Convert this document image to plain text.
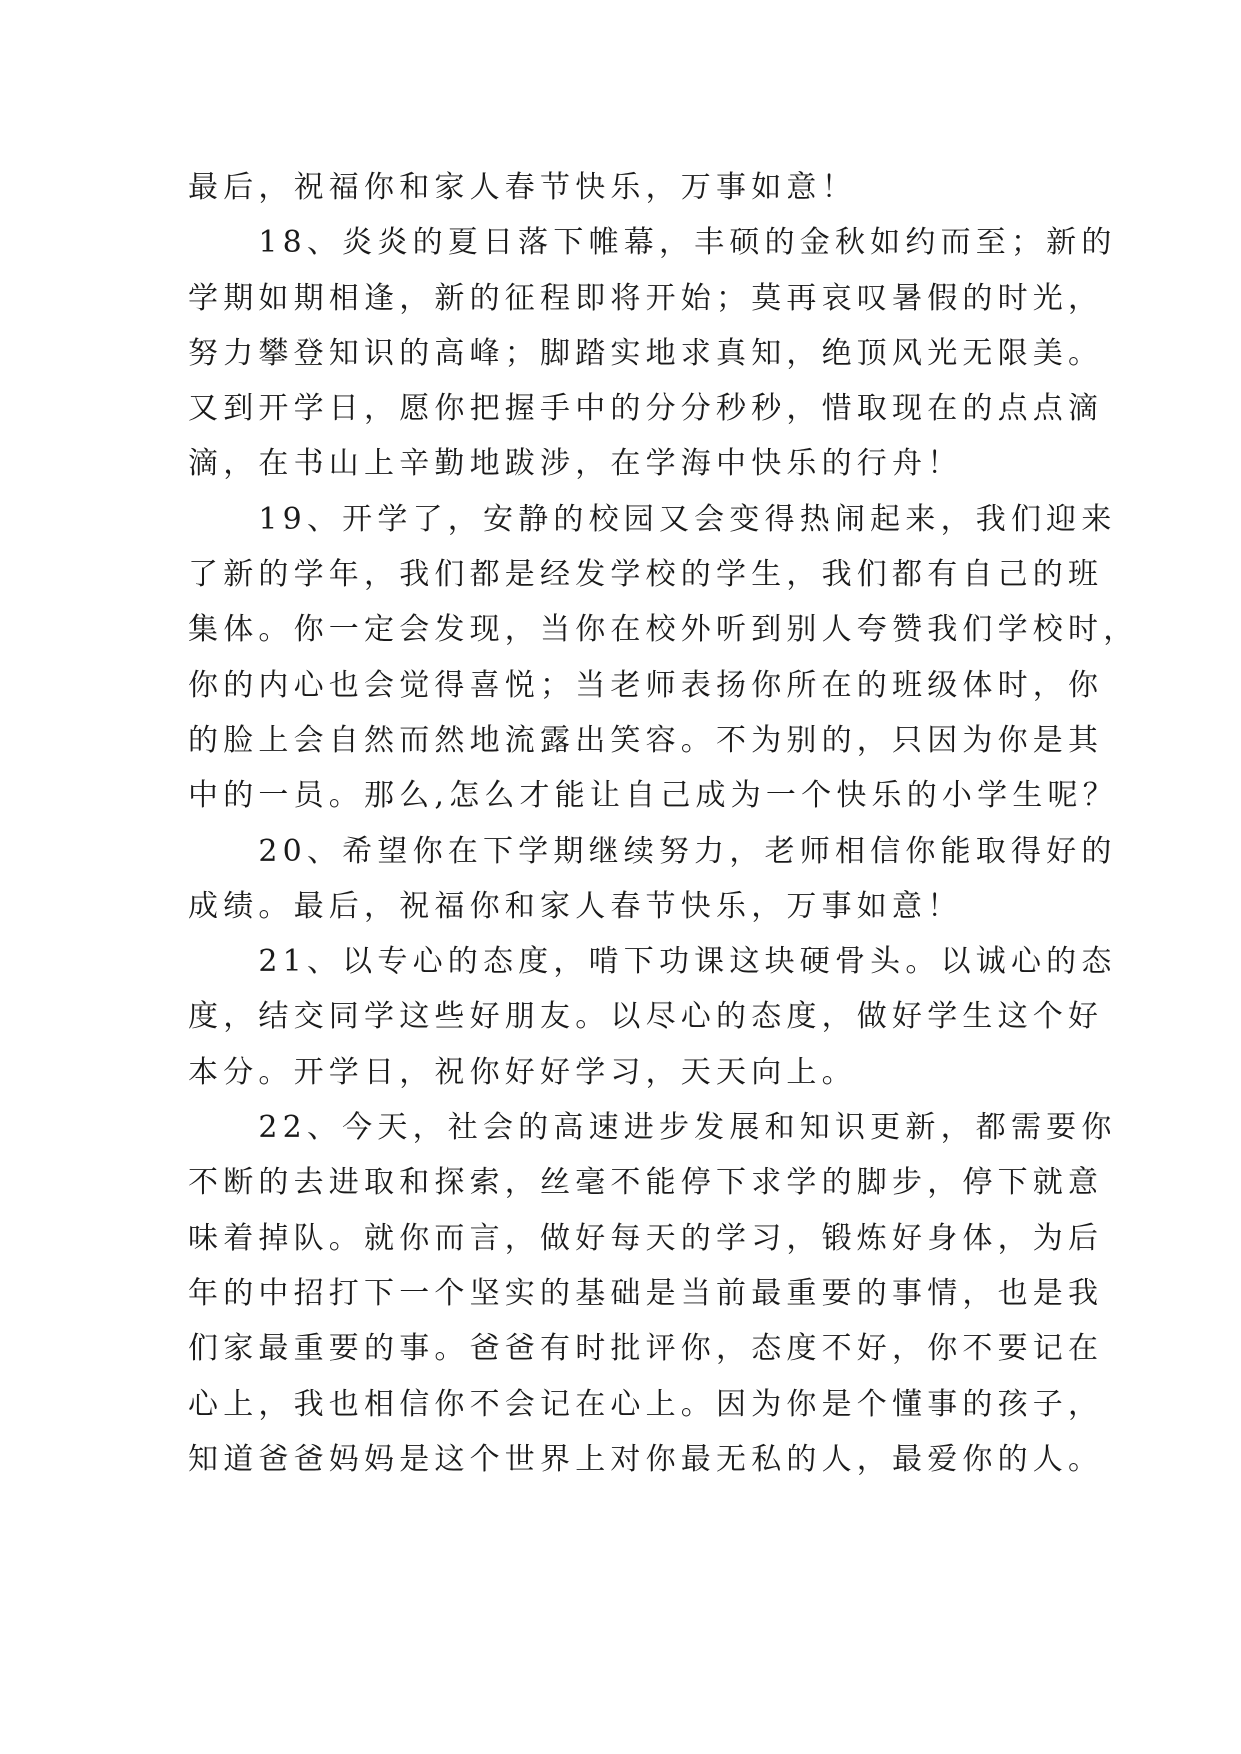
最后，祝福你和家人春节快乐，万事如意！
　　18、炎炎的夏日落下帷幕，丰硕的金秋如约而至；新的
学期如期相逢，新的征程即将开始；莫再哀叹暑假的时光，
努力攀登知识的高峰；脚踏实地求真知，绝顶风光无限美。
又到开学日，愿你把握手中的分分秒秒，惜取现在的点点滴
滴，在书山上辛勤地跋涉，在学海中快乐的行舟！
　　19、开学了，安静的校园又会变得热闹起来，我们迎来
了新的学年，我们都是经发学校的学生，我们都有自己的班
集体。你一定会发现，当你在校外听到别人夸赞我们学校时，
你的内心也会觉得喜悦；当老师表扬你所在的班级体时，你
的脸上会自然而然地流露出笑容。不为别的，只因为你是其
中的一员。那么,怎么才能让自己成为一个快乐的小学生呢？
　　20、希望你在下学期继续努力，老师相信你能取得好的
成绩。最后，祝福你和家人春节快乐，万事如意！
　　21、以专心的态度，啃下功课这块硬骨头。以诚心的态
度，结交同学这些好朋友。以尽心的态度，做好学生这个好
本分。开学日，祝你好好学习，天天向上。
　　22、今天，社会的高速进步发展和知识更新，都需要你
不断的去进取和探索，丝毫不能停下求学的脚步，停下就意
味着掉队。就你而言，做好每天的学习，锻炼好身体，为后
年的中招打下一个坚实的基础是当前最重要的事情，也是我
们家最重要的事。爸爸有时批评你，态度不好，你不要记在
心上，我也相信你不会记在心上。因为你是个懂事的孩子，
知道爸爸妈妈是这个世界上对你最无私的人，最爱你的人。
